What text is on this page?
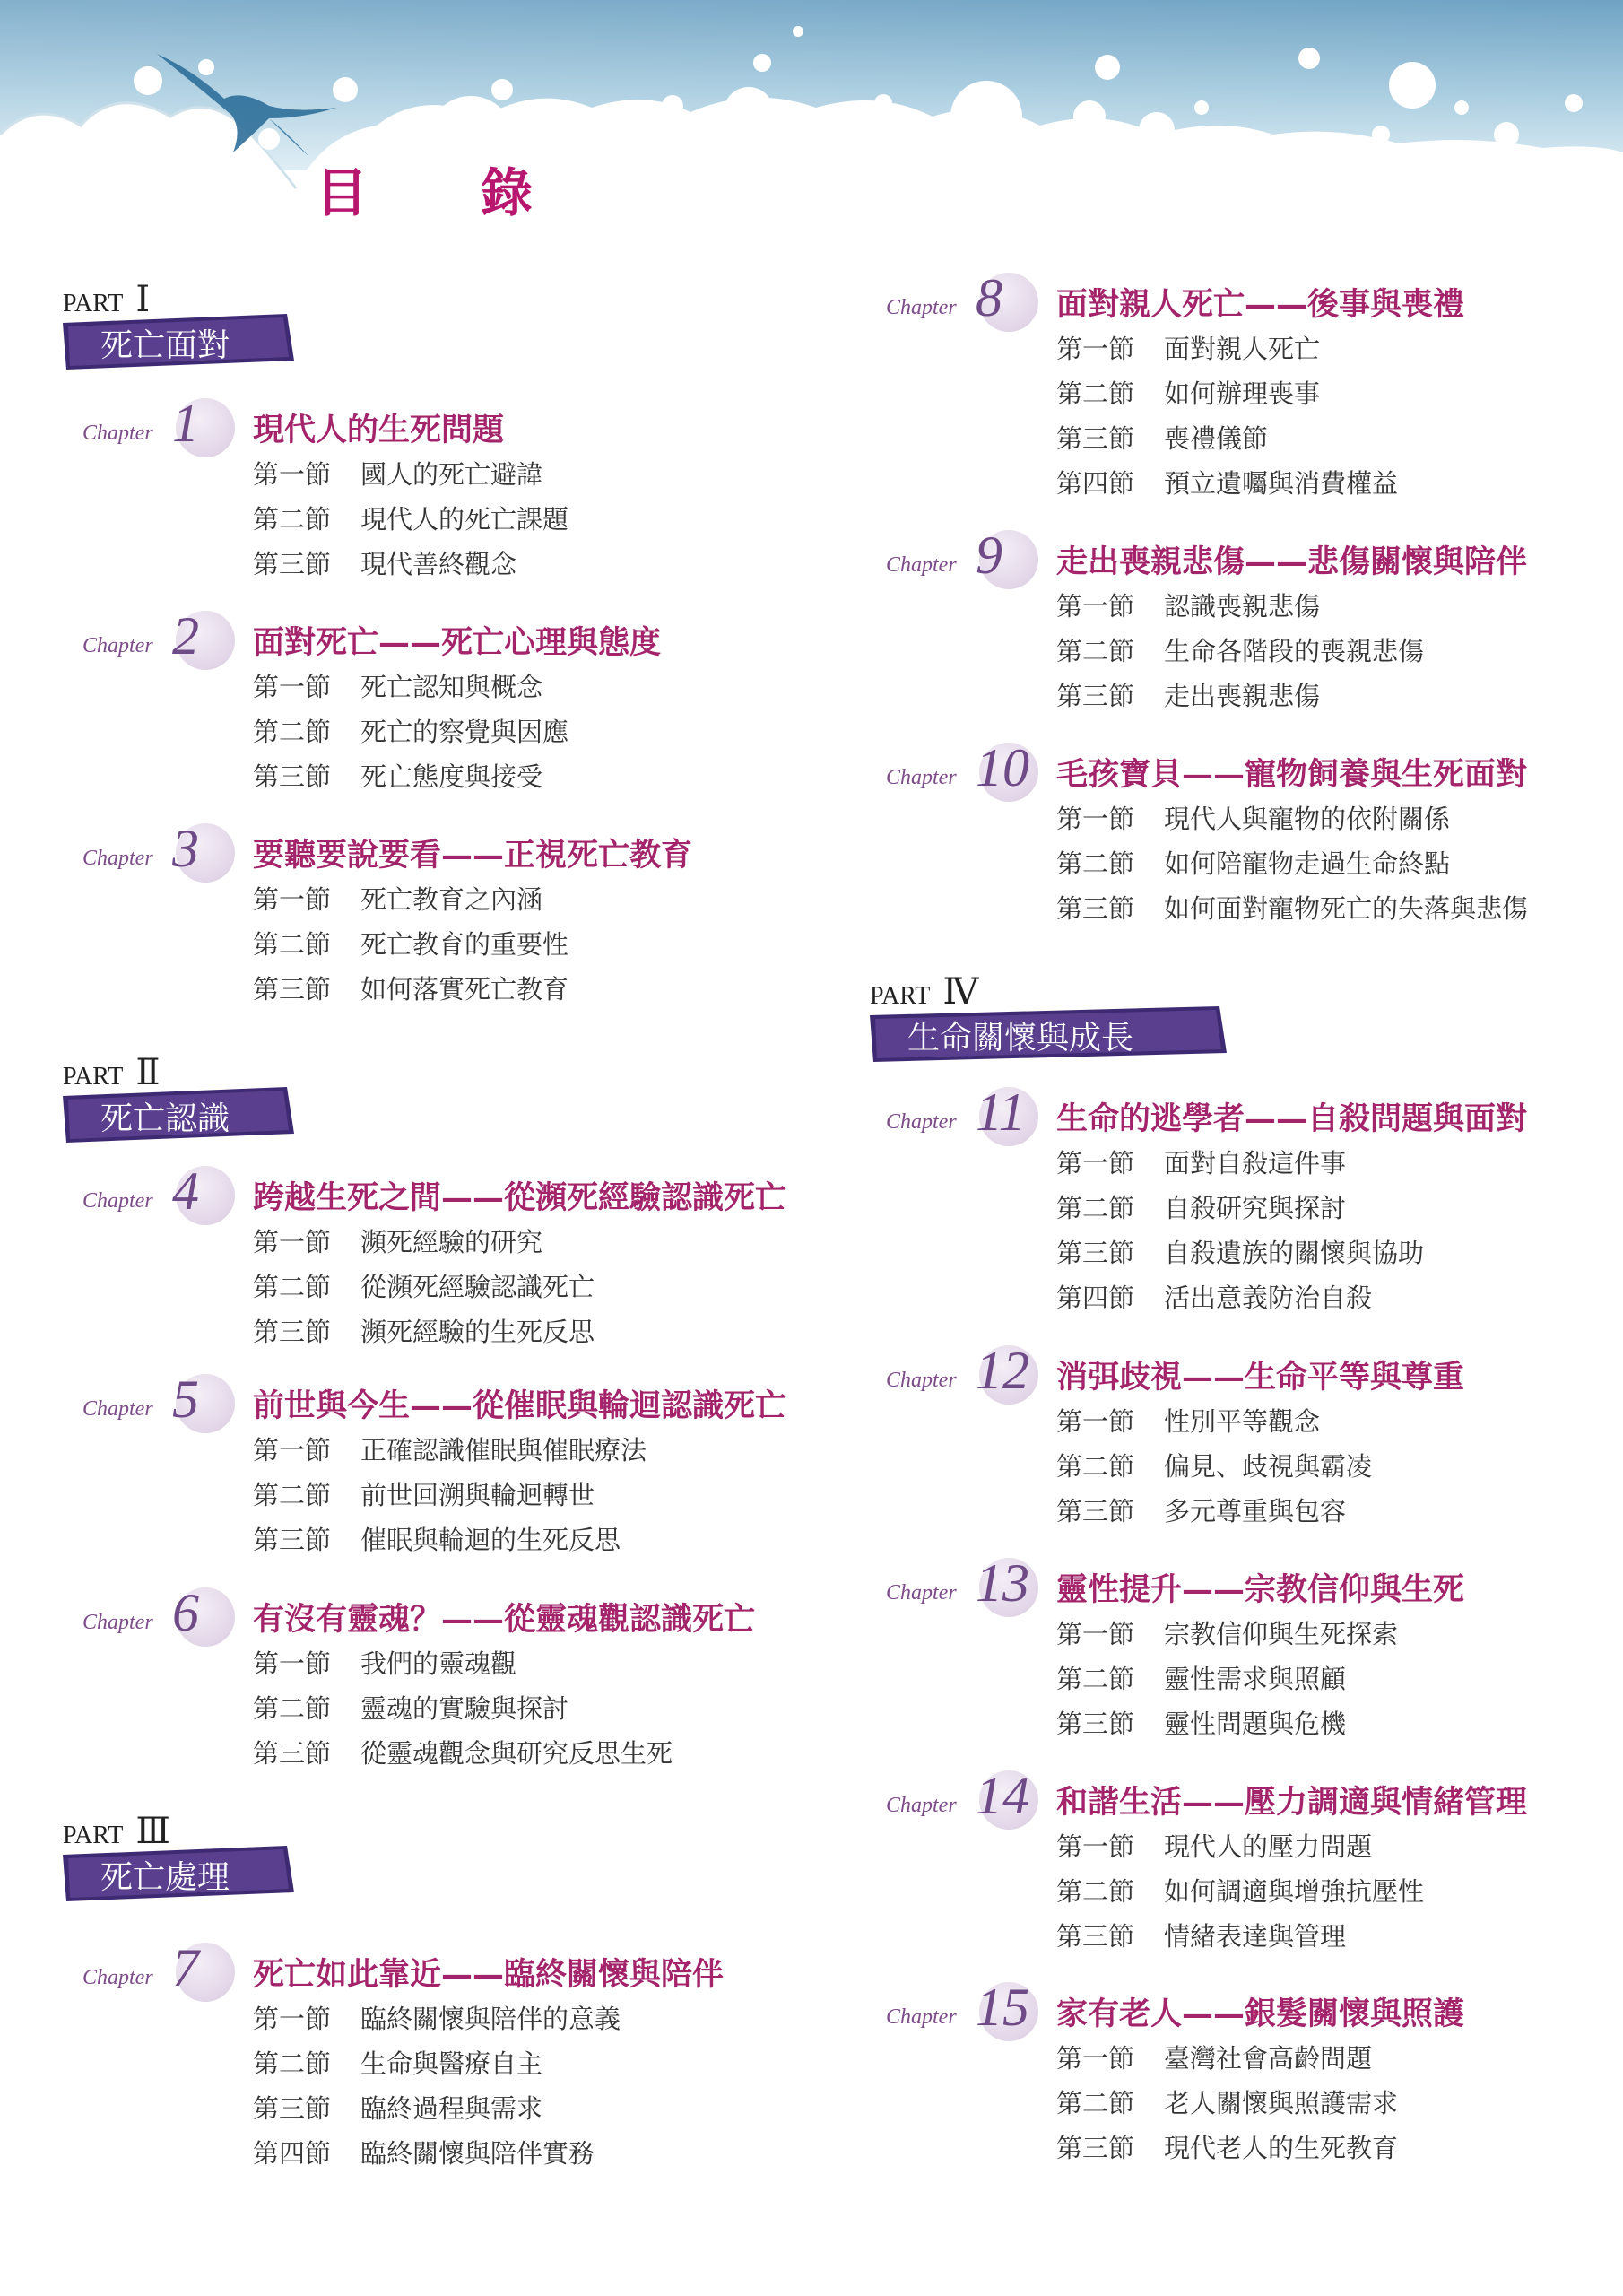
目　錄
PART Ⅰ
死亡面對
Chapter 1 現代人的生死問題
第一節 國人的死亡避諱
第二節 現代人的死亡課題
第三節 現代善終觀念
Chapter 2 面對死亡——死亡心理與態度
第一節 死亡認知與概念
第二節 死亡的察覺與因應
第三節 死亡態度與接受
Chapter 3 要聽要說要看——正視死亡教育
第一節 死亡教育之內涵
第二節 死亡教育的重要性
第三節 如何落實死亡教育
PART Ⅱ
死亡認識
Chapter 4 跨越生死之間——從瀕死經驗認識死亡
第一節 瀕死經驗的研究
第二節 從瀕死經驗認識死亡
第三節 瀕死經驗的生死反思
Chapter 5 前世與今生——從催眠與輪迴認識死亡
第一節 正確認識催眠與催眠療法
第二節 前世回溯與輪迴轉世
第三節 催眠與輪迴的生死反思
Chapter 6 有沒有靈魂？——從靈魂觀認識死亡
第一節 我們的靈魂觀
第二節 靈魂的實驗與探討
第三節 從靈魂觀念與研究反思生死
PART Ⅲ
死亡處理
Chapter 7 死亡如此靠近——臨終關懷與陪伴
第一節 臨終關懷與陪伴的意義
第二節 生命與醫療自主
第三節 臨終過程與需求
第四節 臨終關懷與陪伴實務
Chapter 8 面對親人死亡——後事與喪禮
第一節 面對親人死亡
第二節 如何辦理喪事
第三節 喪禮儀節
第四節 預立遺囑與消費權益
Chapter 9 走出喪親悲傷——悲傷關懷與陪伴
第一節 認識喪親悲傷
第二節 生命各階段的喪親悲傷
第三節 走出喪親悲傷
Chapter 10 毛孩寶貝——寵物飼養與生死面對
第一節 現代人與寵物的依附關係
第二節 如何陪寵物走過生命終點
第三節 如何面對寵物死亡的失落與悲傷
PART Ⅳ
生命關懷與成長
Chapter 11 生命的逃學者——自殺問題與面對
第一節 面對自殺這件事
第二節 自殺研究與探討
第三節 自殺遺族的關懷與協助
第四節 活出意義防治自殺
Chapter 12 消弭歧視——生命平等與尊重
第一節 性別平等觀念
第二節 偏見、歧視與霸凌
第三節 多元尊重與包容
Chapter 13 靈性提升——宗教信仰與生死
第一節 宗教信仰與生死探索
第二節 靈性需求與照顧
第三節 靈性問題與危機
Chapter 14 和諧生活——壓力調適與情緒管理
第一節 現代人的壓力問題
第二節 如何調適與增強抗壓性
第三節 情緒表達與管理
Chapter 15 家有老人——銀髮關懷與照護
第一節 臺灣社會高齡問題
第二節 老人關懷與照護需求
第三節 現代老人的生死教育
